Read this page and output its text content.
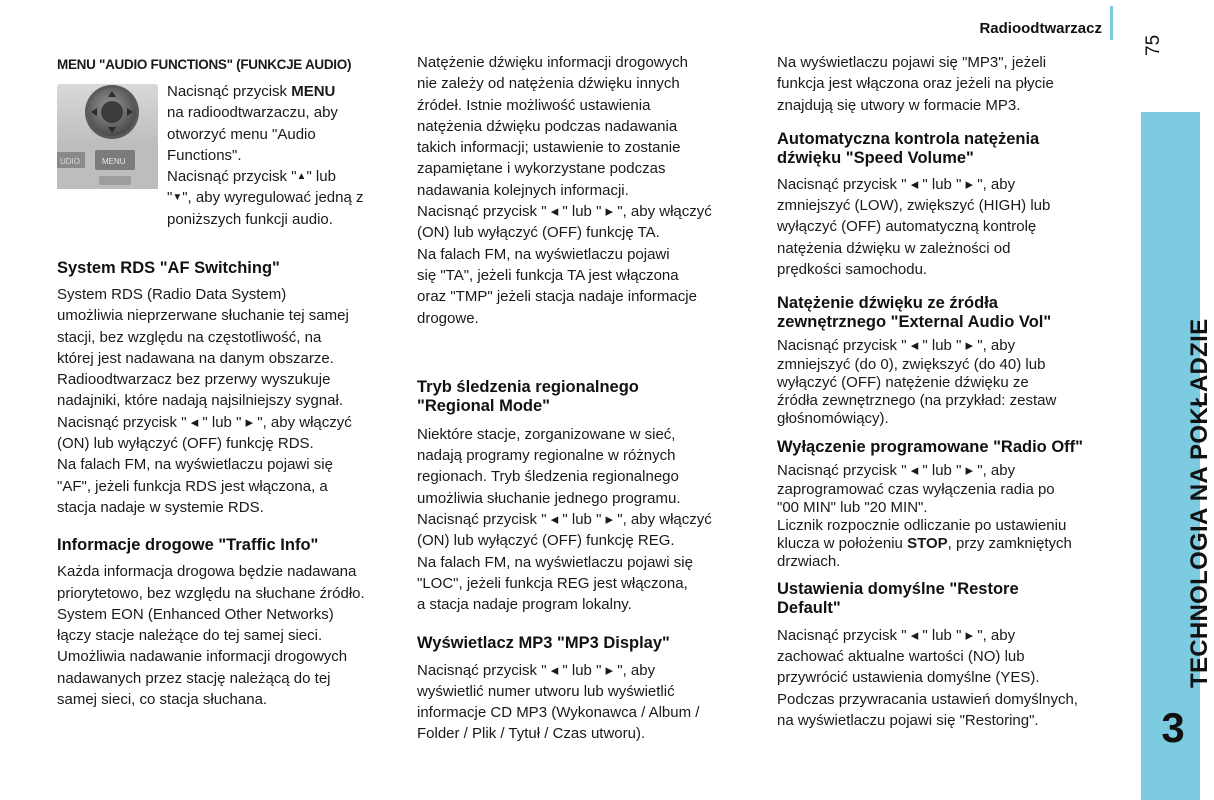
Radioodtwarzacz
75
TECHNOLOGIA NA POKŁADZIE
3
MENU "AUDIO FUNCTIONS" (FUNKCJE AUDIO)
UDIO	MENU

Nacisnąć przycisk MENU

na radioodtwarzaczu, aby

otworzyć menu "Audio

Functions".

Nacisnąć przycisk "▲" lub

"▼", aby wyregulować jedną z

poniższych funkcji audio.

System RDS "AF Switching"

System RDS (Radio Data System)

umożliwia nieprzerwane słuchanie tej samej

stacji, bez względu na częstotliwość, na

której jest nadawana na danym obszarze.

Radioodtwarzacz bez przerwy wyszukuje

nadajniki, które nadają najsilniejszy sygnał.

Nacisnąć przycisk " ◂ " lub " ▸ ", aby włączyć

(ON) lub wyłączyć (OFF) funkcję RDS.

Na falach FM, na wyświetlaczu pojawi się

"AF", jeżeli funkcja RDS jest włączona, a

stacja nadaje w systemie RDS.

Informacje drogowe "Traffic Info"

Każda informacja drogowa będzie nadawana

priorytetowo, bez względu na słuchane źródło.

System EON (Enhanced Other Networks)

łączy stacje należące do tej samej sieci.

Umożliwia nadawanie informacji drogowych

nadawanych przez stację należącą do tej

samej sieci, co stacja słuchana.

Natężenie dźwięku informacji drogowych

nie zależy od natężenia dźwięku innych

źródeł. Istnie możliwość ustawienia

natężenia dźwięku podczas nadawania

takich informacji; ustawienie to zostanie

zapamiętane i wykorzystane podczas

nadawania kolejnych informacji.

Nacisnąć przycisk " ◂ " lub " ▸ ", aby włączyć

(ON) lub wyłączyć (OFF) funkcję TA.

Na falach FM, na wyświetlaczu pojawi

się "TA", jeżeli funkcja TA jest włączona

oraz "TMP" jeżeli stacja nadaje informacje

drogowe.

Tryb śledzenia regionalnego
"Regional Mode"

Niektóre stacje, zorganizowane w sieć,

nadają programy regionalne w różnych

regionach. Tryb śledzenia regionalnego

umożliwia słuchanie jednego programu.

Nacisnąć przycisk " ◂ " lub " ▸ ", aby włączyć

(ON) lub wyłączyć (OFF) funkcję REG.

Na falach FM, na wyświetlaczu pojawi się

"LOC", jeżeli funkcja REG jest włączona,

a stacja nadaje program lokalny.

Wyświetlacz MP3 "MP3 Display"

Nacisnąć przycisk " ◂ " lub " ▸ ", aby

wyświetlić numer utworu lub wyświetlić

informacje CD MP3 (Wykonawca / Album /

Folder / Plik / Tytuł / Czas utworu).

Na wyświetlaczu pojawi się "MP3", jeżeli

funkcja jest włączona oraz jeżeli na płycie

znajdują się utwory w formacie MP3.

Automatyczna kontrola natężenia
dźwięku "Speed Volume"

Nacisnąć przycisk " ◂ " lub " ▸ ", aby

zmniejszyć (LOW), zwiększyć (HIGH) lub

wyłączyć (OFF) automatyczną kontrolę

natężenia dźwięku w zależności od

prędkości samochodu.

Natężenie dźwięku ze źródła
zewnętrznego "External Audio Vol"

Nacisnąć przycisk " ◂ " lub " ▸ ", aby

zmniejszyć (do 0), zwiększyć (do 40) lub

wyłączyć (OFF) natężenie dźwięku ze

źródła zewnętrznego (na przykład: zestaw

głośnomówiący).

Wyłączenie programowane "Radio Off"

Nacisnąć przycisk " ◂ " lub " ▸ ", aby

zaprogramować czas wyłączenia radia po

"00 MIN" lub "20 MIN".

Licznik rozpocznie odliczanie po ustawieniu

klucza w położeniu STOP, przy zamkniętych

drzwiach.

Ustawienia domyślne "Restore
Default"

Nacisnąć przycisk " ◂ " lub " ▸ ", aby

zachować aktualne wartości (NO) lub

przywrócić ustawienia domyślne (YES).

Podczas przywracania ustawień domyślnych,

na wyświetlaczu pojawi się "Restoring".
